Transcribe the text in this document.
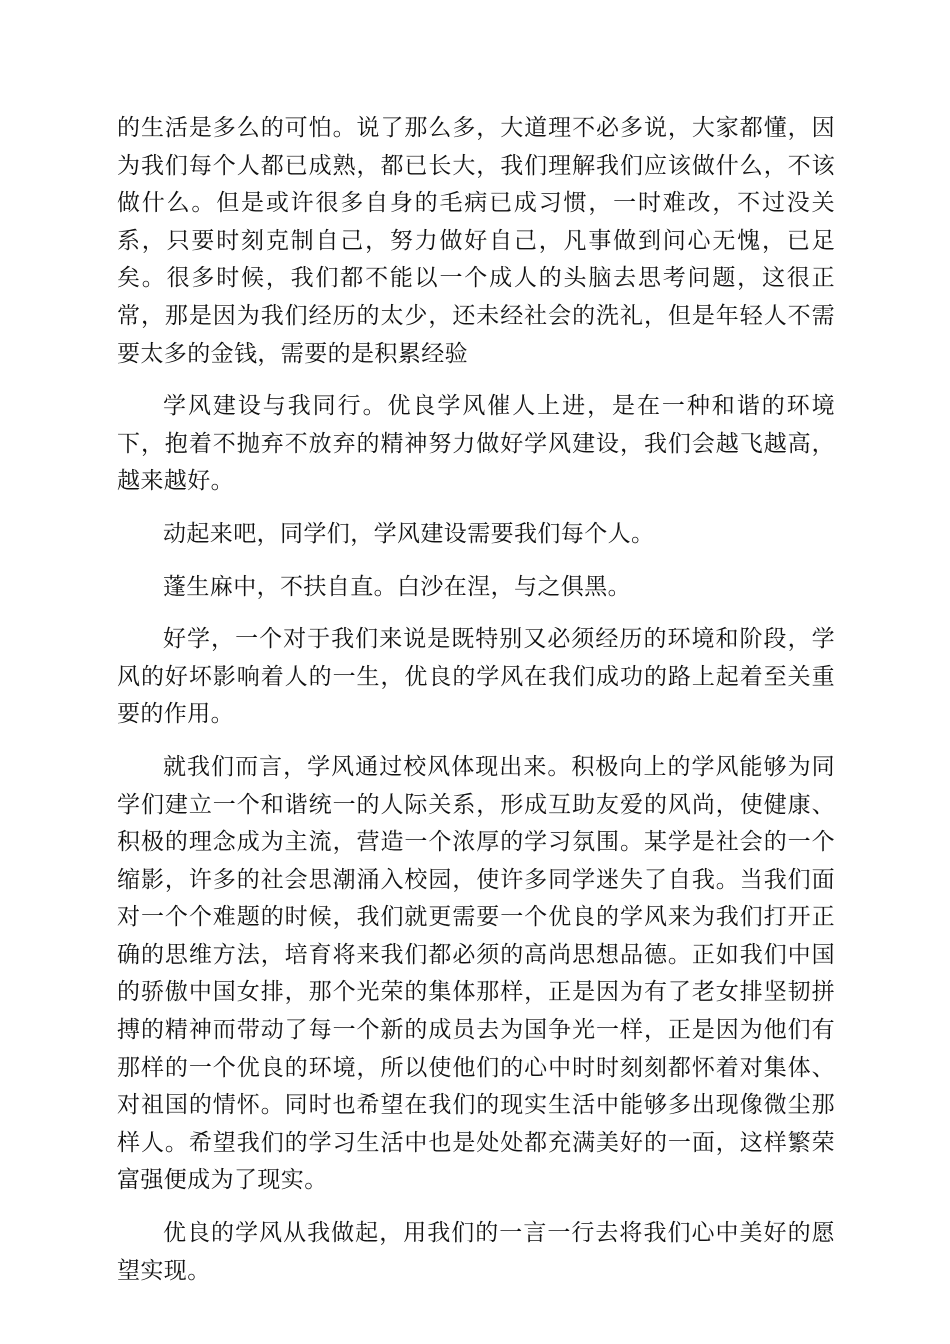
的生活是多么的可怕。说了那么多，大道理不必多说，大家都懂，因为我们每个人都已成熟，都已长大，我们理解我们应该做什么，不该做什么。但是或许很多自身的毛病已成习惯，一时难改，不过没关系，只要时刻克制自己，努力做好自己，凡事做到问心无愧，已足矣。很多时候，我们都不能以一个成人的头脑去思考问题，这很正常，那是因为我们经历的太少，还未经社会的洗礼，但是年轻人不需要太多的金钱，需要的是积累经验

学风建设与我同行。优良学风催人上进，是在一种和谐的环境下，抱着不抛弃不放弃的精神努力做好学风建设，我们会越飞越高，越来越好。

动起来吧，同学们，学风建设需要我们每个人。

蓬生麻中，不扶自直。白沙在涅，与之俱黑。

好学，一个对于我们来说是既特别又必须经历的环境和阶段，学风的好坏影响着人的一生，优良的学风在我们成功的路上起着至关重要的作用。

就我们而言，学风通过校风体现出来。积极向上的学风能够为同学们建立一个和谐统一的人际关系，形成互助友爱的风尚，使健康、积极的理念成为主流，营造一个浓厚的学习氛围。某学是社会的一个缩影，许多的社会思潮涌入校园，使许多同学迷失了自我。当我们面对一个个难题的时候，我们就更需要一个优良的学风来为我们打开正确的思维方法，培育将来我们都必须的高尚思想品德。正如我们中国的骄傲中国女排，那个光荣的集体那样，正是因为有了老女排坚韧拼搏的精神而带动了每一个新的成员去为国争光一样，正是因为他们有那样的一个优良的环境，所以使他们的心中时时刻刻都怀着对集体、对祖国的情怀。同时也希望在我们的现实生活中能够多出现像微尘那样人。希望我们的学习生活中也是处处都充满美好的一面，这样繁荣富强便成为了现实。

优良的学风从我做起，用我们的一言一行去将我们心中美好的愿望实现。
